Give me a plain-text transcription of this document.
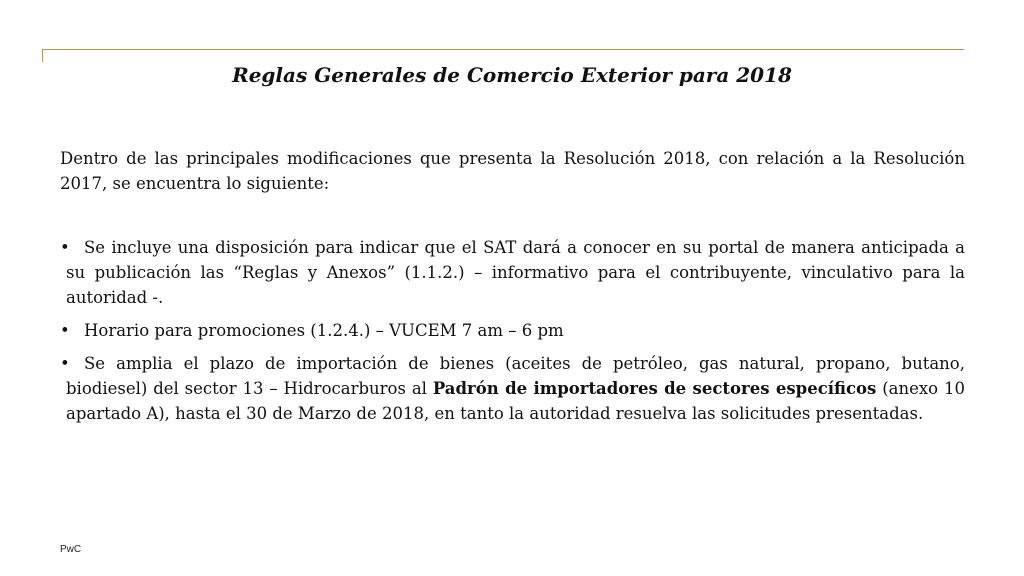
Reglas Generales de Comercio Exterior para 2018

Dentro de las principales modificaciones que presenta la Resolución 2018, con relación a la Resolución 2017, se encuentra lo siguiente:

• Se incluye una disposición para indicar que el SAT dará a conocer en su portal de manera anticipada a su publicación las “Reglas y Anexos” (1.1.2.) – informativo para el contribuyente, vinculativo para la autoridad -.
• Horario para promociones (1.2.4.) – VUCEM 7 am – 6 pm
• Se amplia el plazo de importación de bienes (aceites de petróleo, gas natural, propano, butano, biodiesel) del sector 13 – Hidrocarburos al Padrón de importadores de sectores específicos (anexo 10 apartado A), hasta el 30 de Marzo de 2018, en tanto la autoridad resuelva las solicitudes presentadas.
PwC
